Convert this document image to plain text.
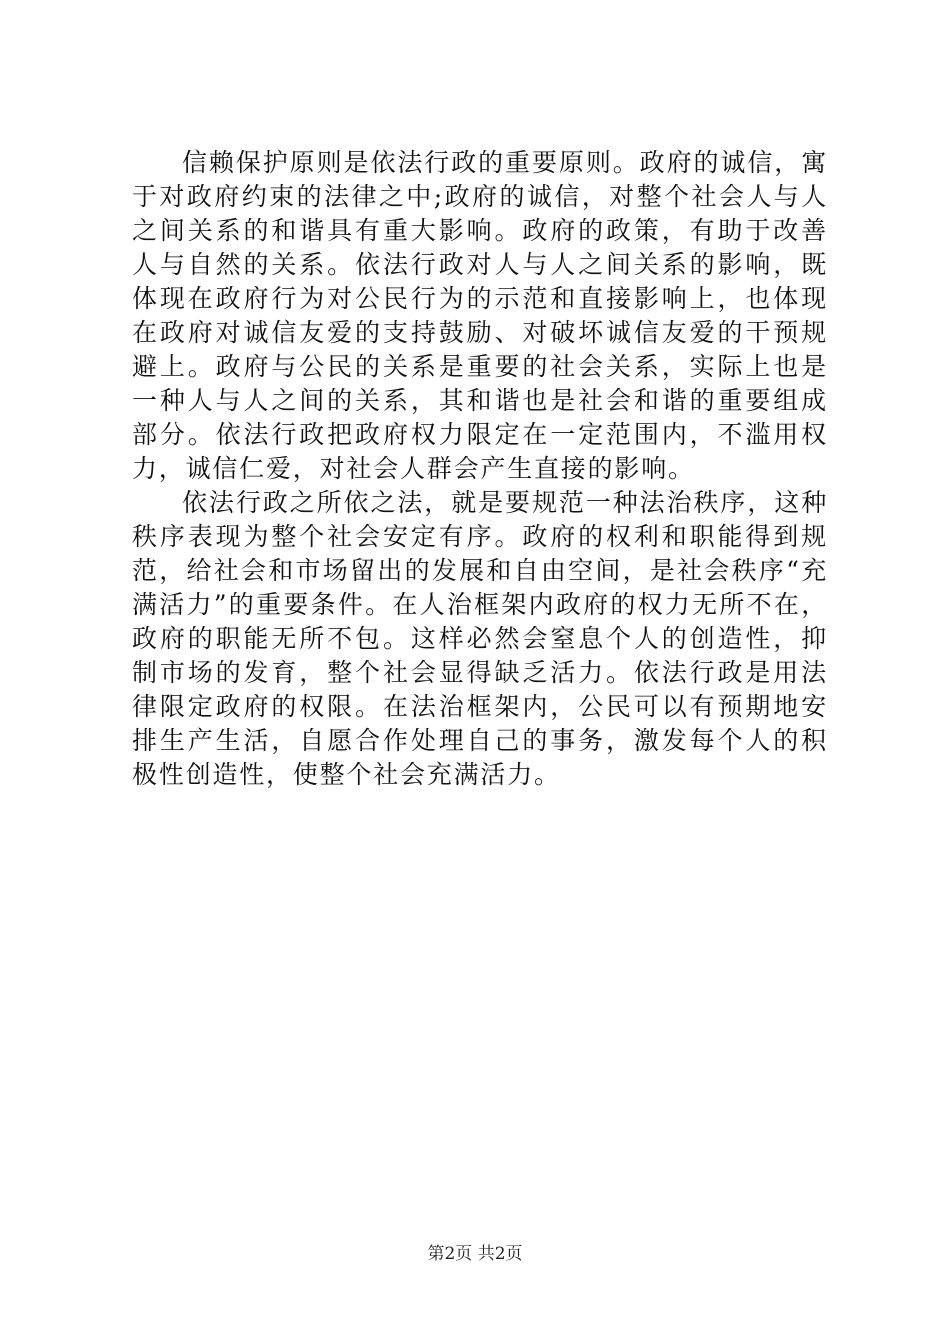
信赖保护原则是依法行政的重要原则。政府的诚信，寓于对政府约束的法律之中;政府的诚信，对整个社会人与人之间关系的和谐具有重大影响。政府的政策，有助于改善人与自然的关系。依法行政对人与人之间关系的影响，既体现在政府行为对公民行为的示范和直接影响上，也体现在政府对诚信友爱的支持鼓励、对破坏诚信友爱的干预规避上。政府与公民的关系是重要的社会关系，实际上也是一种人与人之间的关系，其和谐也是社会和谐的重要组成部分。依法行政把政府权力限定在一定范围内，不滥用权力，诚信仁爱，对社会人群会产生直接的影响。

依法行政之所依之法，就是要规范一种法治秩序，这种秩序表现为整个社会安定有序。政府的权利和职能得到规范，给社会和市场留出的发展和自由空间，是社会秩序“充满活力”的重要条件。在人治框架内政府的权力无所不在，政府的职能无所不包。这样必然会窒息个人的创造性，抑制市场的发育，整个社会显得缺乏活力。依法行政是用法律限定政府的权限。在法治框架内，公民可以有预期地安排生产生活，自愿合作处理自己的事务，激发每个人的积极性创造性，使整个社会充满活力。

第2页 共2页
